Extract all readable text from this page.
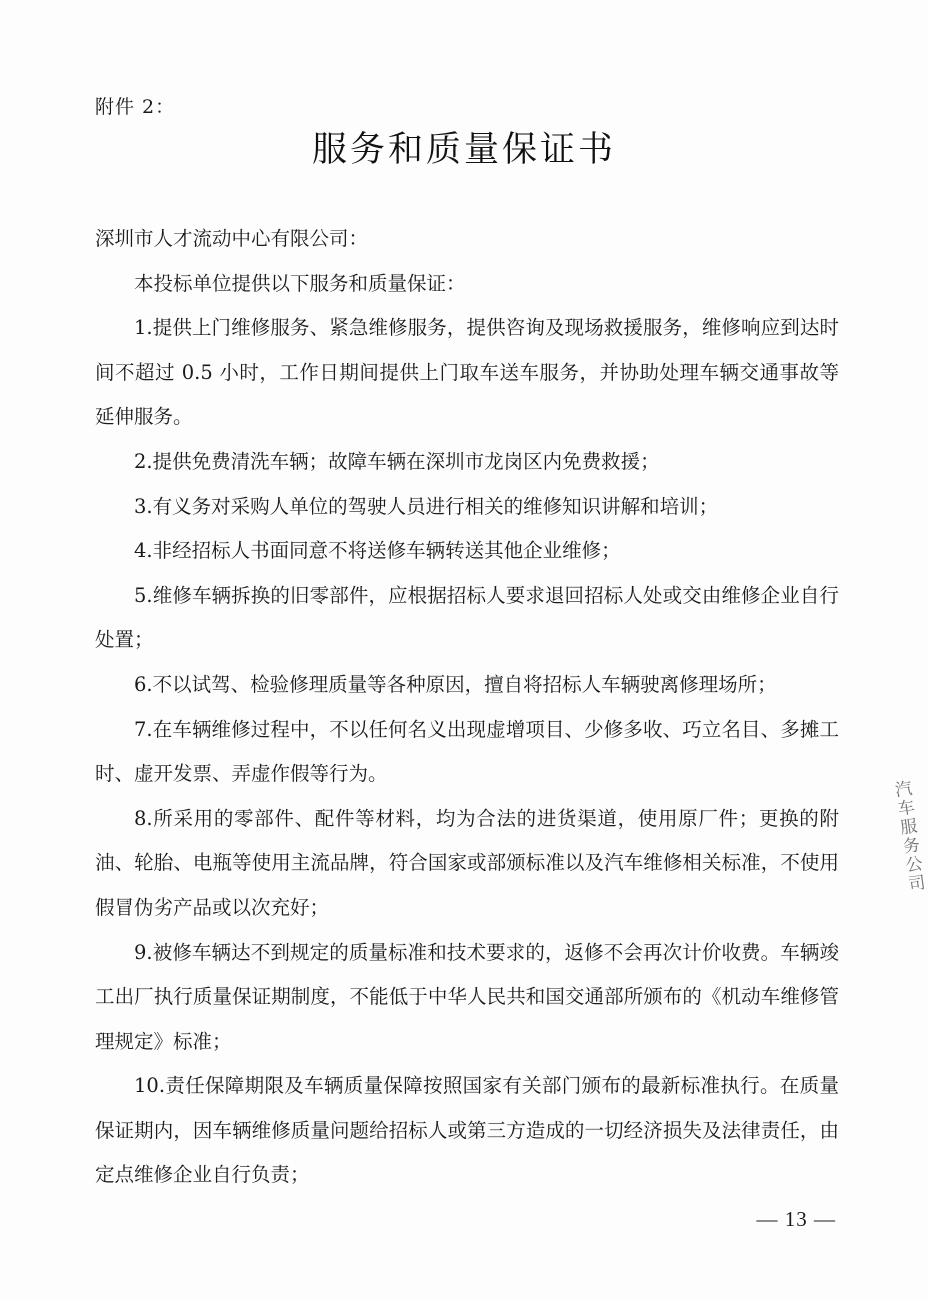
附件 2：
服务和质量保证书

深圳市人才流动中心有限公司：

本投标单位提供以下服务和质量保证：

1.提供上门维修服务、紧急维修服务，提供咨询及现场救援服务，维修响应到达时间不超过 0.5 小时，工作日期间提供上门取车送车服务，并协助处理车辆交通事故等延伸服务。

2.提供免费清洗车辆；故障车辆在深圳市龙岗区内免费救援；

3.有义务对采购人单位的驾驶人员进行相关的维修知识讲解和培训；

4.非经招标人书面同意不将送修车辆转送其他企业维修；

5.维修车辆拆换的旧零部件，应根据招标人要求退回招标人处或交由维修企业自行处置；

6.不以试驾、检验修理质量等各种原因，擅自将招标人车辆驶离修理场所；

7.在车辆维修过程中，不以任何名义出现虚增项目、少修多收、巧立名目、多摊工时、虚开发票、弄虚作假等行为。

8.所采用的零部件、配件等材料，均为合法的进货渠道，使用原厂件；更换的附油、轮胎、电瓶等使用主流品牌，符合国家或部颁标准以及汽车维修相关标准，不使用假冒伪劣产品或以次充好；

9.被修车辆达不到规定的质量标准和技术要求的，返修不会再次计价收费。车辆竣工出厂执行质量保证期制度，不能低于中华人民共和国交通部所颁布的《机动车维修管理规定》标准；

10.责任保障期限及车辆质量保障按照国家有关部门颁布的最新标准执行。在质量保证期内，因车辆维修质量问题给招标人或第三方造成的一切经济损失及法律责任，由定点维修企业自行负责；

汽车服务公司
— 13 —
